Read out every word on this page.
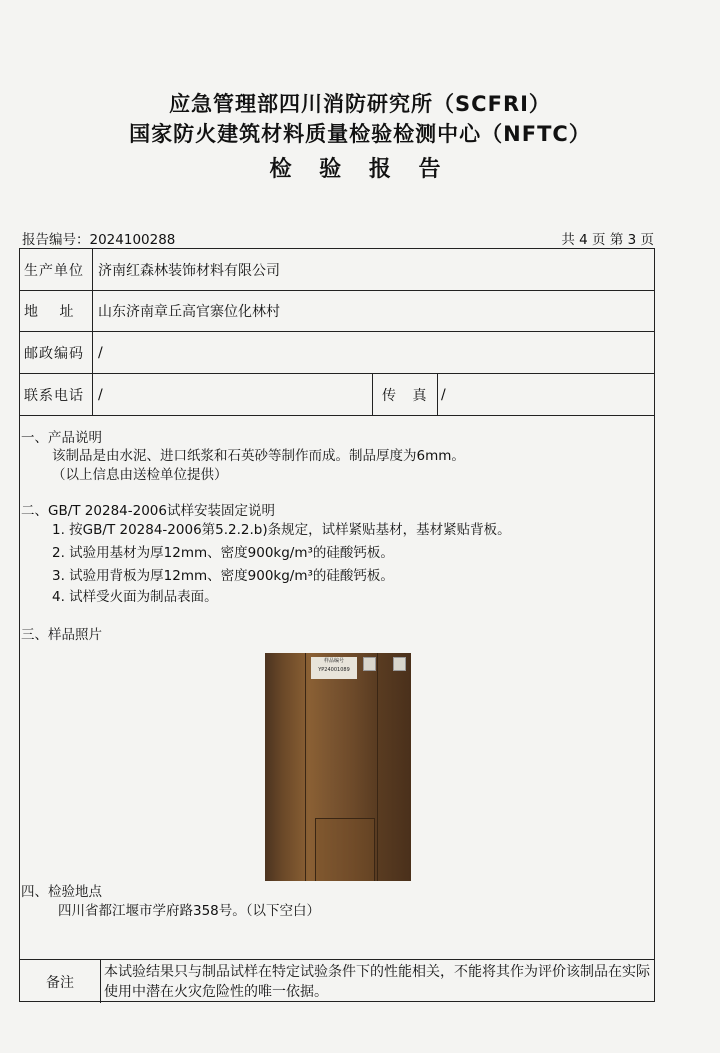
应急管理部四川消防研究所（SCFRI）
国家防火建筑材料质量检验检测中心（NFTC）
检 验 报 告
报告编号：2024100288	共 4 页 第 3 页
生产单位	济南红森林装饰材料有限公司
地　 址	山东济南章丘高官寨位化林村
邮政编码	/
联系电话	/	传 真 /
一、产品说明
该制品是由水泥、进口纸浆和石英砂等制作而成。制品厚度为6mm。
（以上信息由送检单位提供）
二、GB/T 20284-2006试样安装固定说明
1. 按GB/T 20284-2006第5.2.2.b)条规定，试样紧贴基材，基材紧贴背板。
2. 试验用基材为厚12mm、密度900kg/m³的硅酸钙板。
3. 试验用背板为厚12mm、密度900kg/m³的硅酸钙板。
4. 试样受火面为制品表面。
三、样品照片
样品编号
YP24001089
四、检验地点
四川省都江堰市学府路358号。（以下空白）
备注
本试验结果只与制品试样在特定试验条件下的性能相关，不能将其作为评价该制品在实际使用中潜在火灾危险性的唯一依据。
